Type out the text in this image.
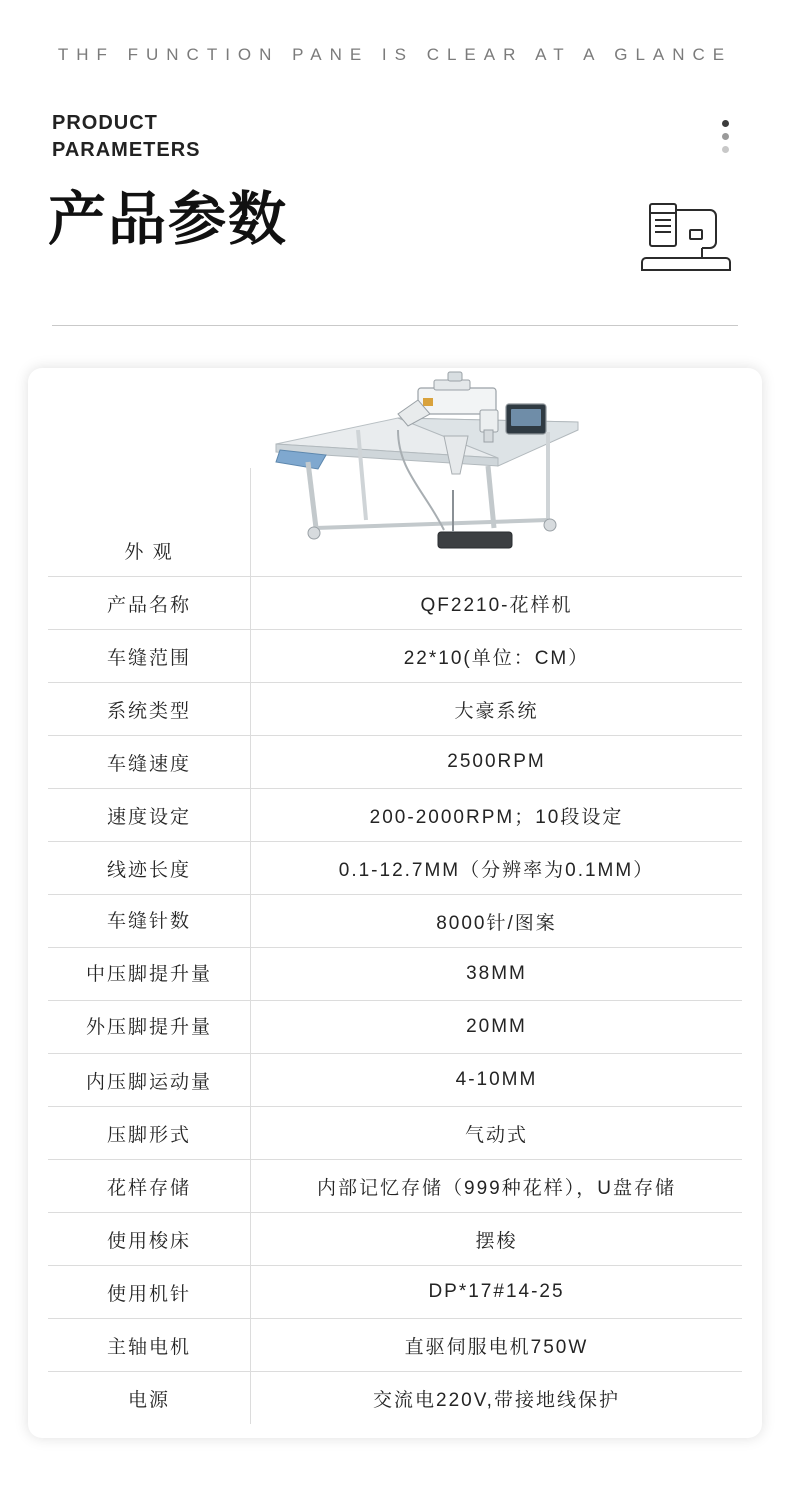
THF FUNCTION PANE IS CLEAR AT A GLANCE
PRODUCT
PARAMETERS
产品参数
外 观	
产品名称	QF2210-花样机
车缝范围	22*10(单位：CM）
系统类型	大豪系统
车缝速度	2500RPM
速度设定	200-2000RPM；10段设定
线迹长度	0.1-12.7MM（分辨率为0.1MM）
车缝针数	8000针/图案
中压脚提升量	38MM
外压脚提升量	20MM
内压脚运动量	4-10MM
压脚形式	气动式
花样存储	内部记忆存储（999种花样），U盘存储
使用梭床	摆梭
使用机针	DP*17#14-25
主轴电机	直驱伺服电机750W
电源	交流电220V,带接地线保护
